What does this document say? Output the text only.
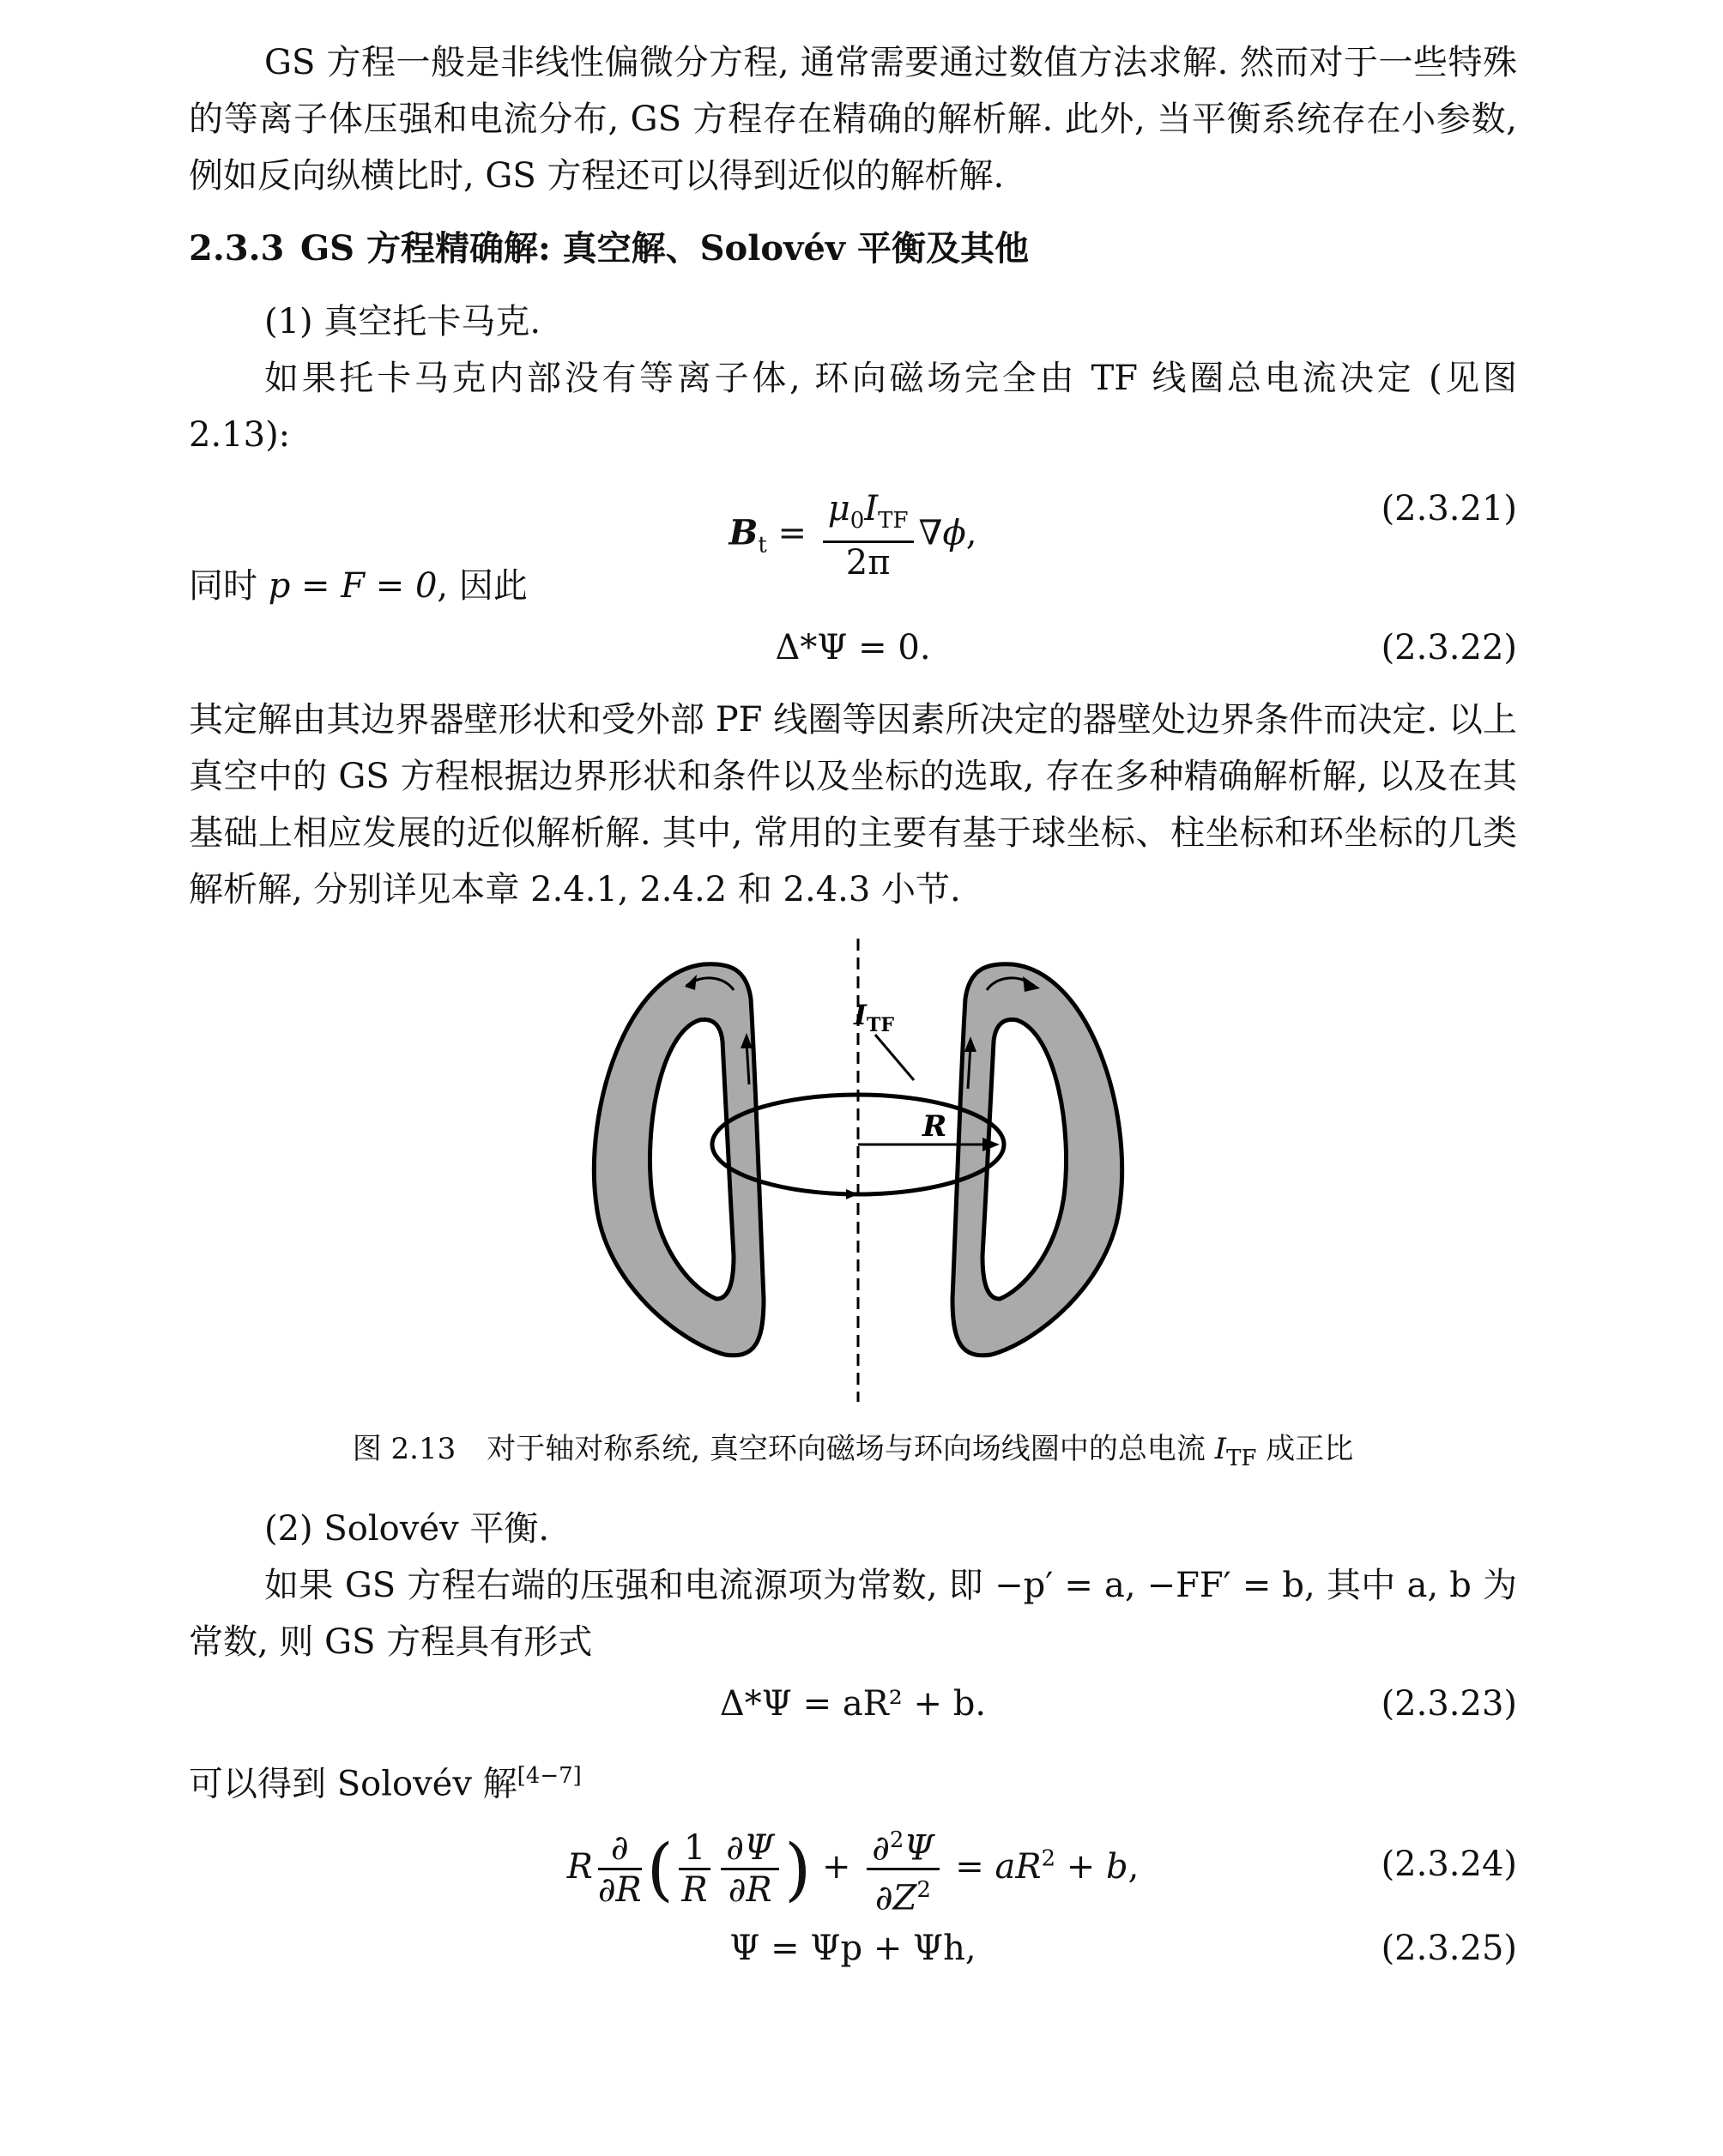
GS 方程一般是非线性偏微分方程, 通常需要通过数值方法求解. 然而对于一些特殊的等离子体压强和电流分布, GS 方程存在精确的解析解. 此外, 当平衡系统存在小参数, 例如反向纵横比时, GS 方程还可以得到近似的解析解.

2.3.3 GS 方程精确解: 真空解、Solovév 平衡及其他

(1) 真空托卡马克.

如果托卡马克内部没有等离子体, 环向磁场完全由 TF 线圈总电流决定 (见图 2.13):

$B_t = \frac{\mu_0I_{TF}}{2\pi} \nabla\phi$,
(2.3.21)

同时 p = F = 0, 因此

Δ*Ψ = 0.	(2.3.22)

其定解由其边界器壁形状和受外部 PF 线圈等因素所决定的器壁处边界条件而决定. 以上真空中的 GS 方程根据边界形状和条件以及坐标的选取, 存在多种精确解析解, 以及在其基础上相应发展的近似解析解. 其中, 常用的主要有基于球坐标、柱坐标和环坐标的几类解析解, 分别详见本章 2.4.1, 2.4.2 和 2.4.3 小节.

R
$I_{TF}$
图 2.13 对于轴对称系统, 真空环向磁场与环向场线圈中的总电流 $I_{TF}$ 成正比

(2) Solovév 平衡.

如果 GS 方程右端的压强和电流源项为常数, 即 −p′ = a, −FF′ = b, 其中 a, b 为常数, 则 GS 方程具有形式

Δ*Ψ = aR² + b.	(2.3.23)

可以得到 Solovév 解[4−7]

R $\frac{\partial}{\partial R}$ ( $\frac{1}{R} \frac{\partial\Psi}{\partial R}$ ) + $\frac{\partial^2\Psi}{\partial Z^2} = aR^2 + b$,	(2.3.24)
Ψ = Ψp + Ψh,	(2.3.25)
